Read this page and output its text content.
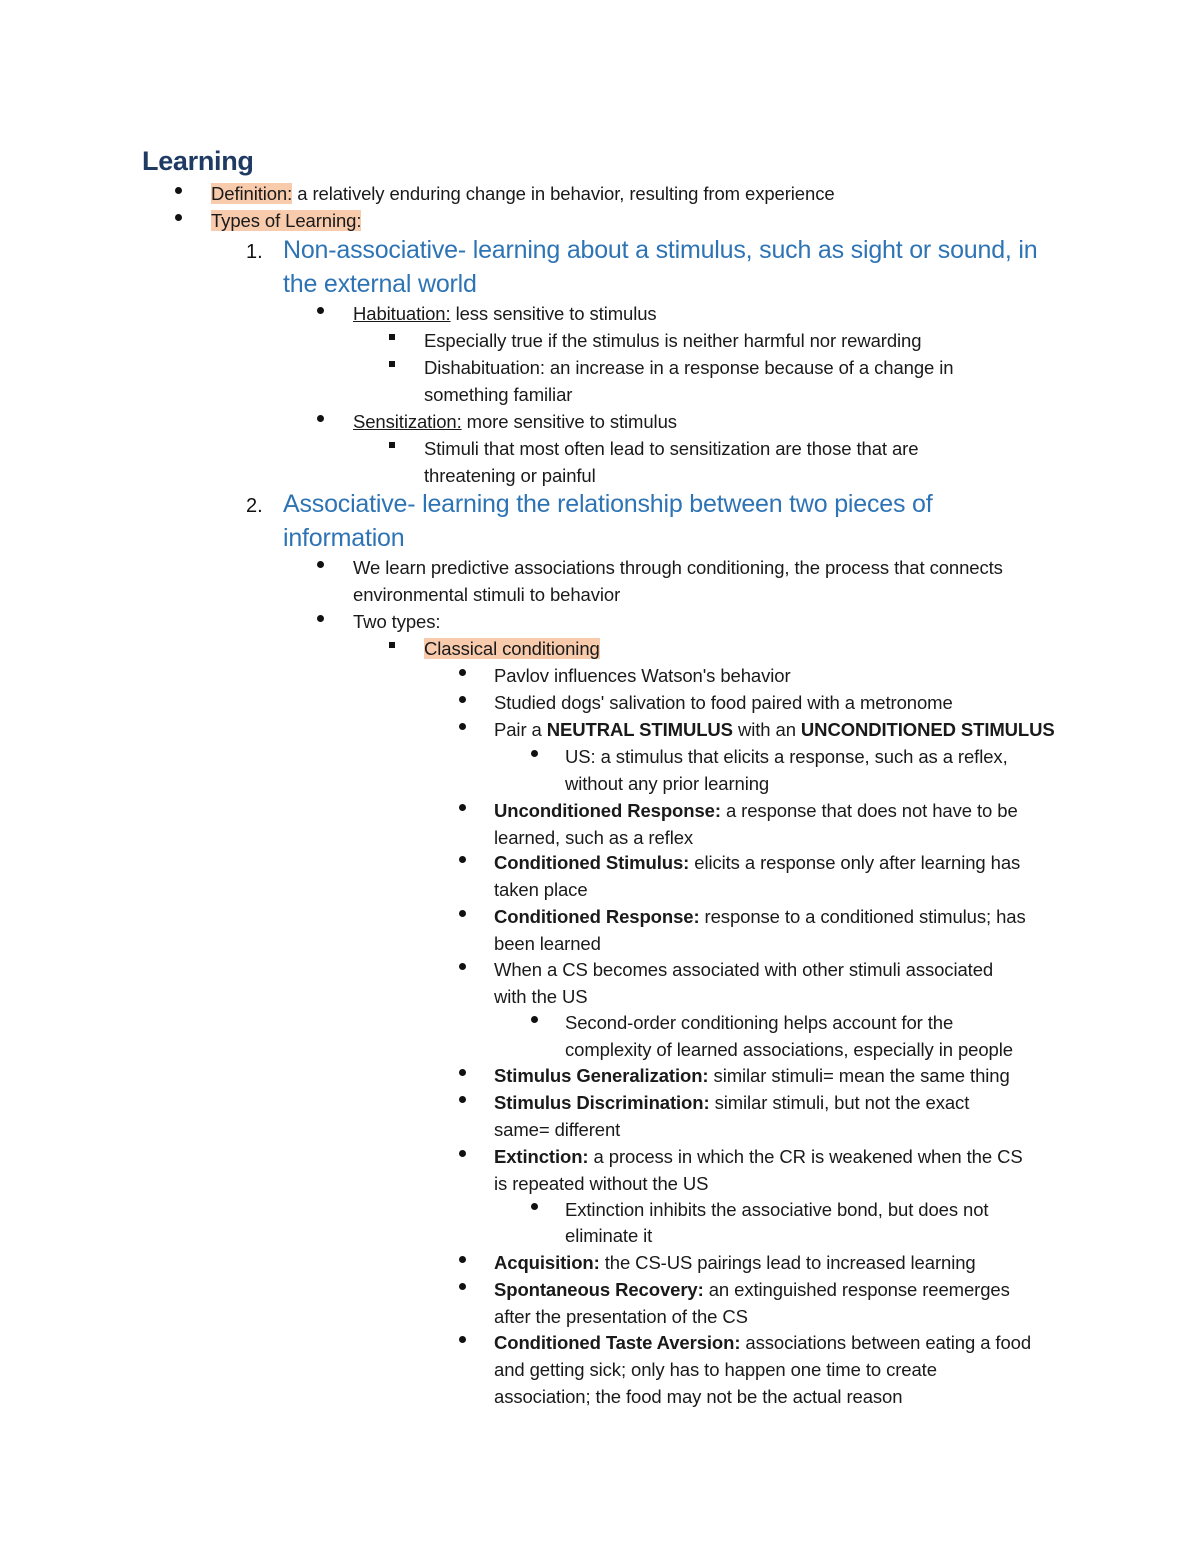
Learning
Definition: a relatively enduring change in behavior, resulting from experience
Types of Learning:
1. Non-associative- learning about a stimulus, such as sight or sound, in
the external world
Habituation: less sensitive to stimulus
Especially true if the stimulus is neither harmful nor rewarding
Dishabituation: an increase in a response because of a change in
something familiar
Sensitization: more sensitive to stimulus
Stimuli that most often lead to sensitization are those that are
threatening or painful
2. Associative- learning the relationship between two pieces of
information
We learn predictive associations through conditioning, the process that connects
environmental stimuli to behavior
Two types:
Classical conditioning
Pavlov influences Watson's behavior
Studied dogs' salivation to food paired with a metronome
Pair a NEUTRAL STIMULUS with an UNCONDITIONED STIMULUS
US: a stimulus that elicits a response, such as a reflex,
without any prior learning
Unconditioned Response: a response that does not have to be
learned, such as a reflex
Conditioned Stimulus: elicits a response only after learning has
taken place
Conditioned Response: response to a conditioned stimulus; has
been learned
When a CS becomes associated with other stimuli associated
with the US
Second-order conditioning helps account for the
complexity of learned associations, especially in people
Stimulus Generalization: similar stimuli= mean the same thing
Stimulus Discrimination: similar stimuli, but not the exact
same= different
Extinction: a process in which the CR is weakened when the CS
is repeated without the US
Extinction inhibits the associative bond, but does not
eliminate it
Acquisition: the CS-US pairings lead to increased learning
Spontaneous Recovery: an extinguished response reemerges
after the presentation of the CS
Conditioned Taste Aversion: associations between eating a food
and getting sick; only has to happen one time to create
association; the food may not be the actual reason
